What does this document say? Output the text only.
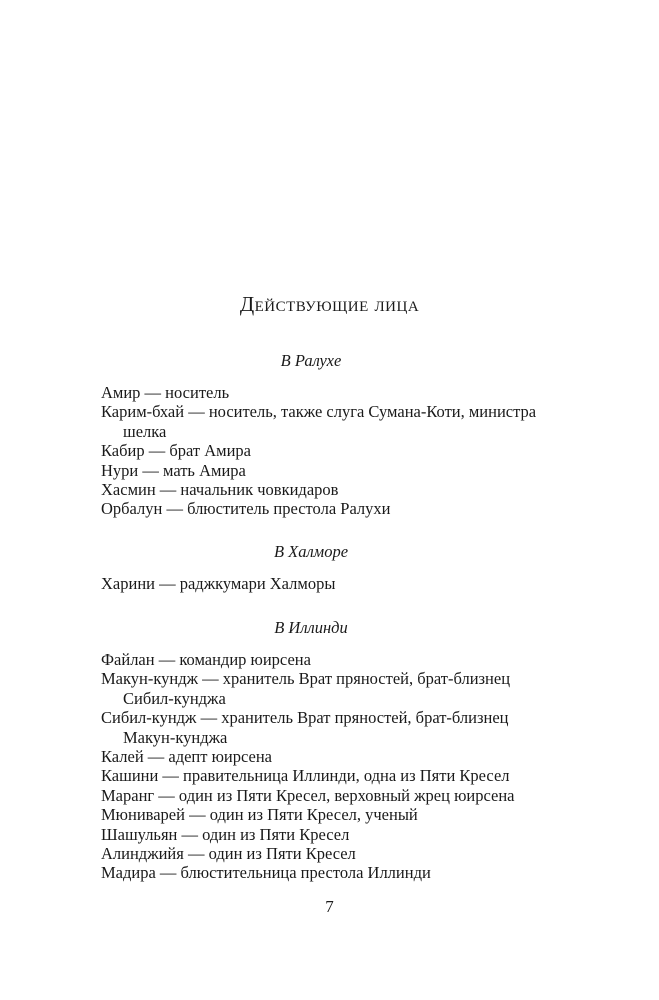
Действующие лица
В Ралухе
Амир — носитель
Карим-бхай — носитель, также слуга Сумана-Коти, министра шелка
Кабир — брат Амира
Нури — мать Амира
Хасмин — начальник човкидаров
Орбалун — блюститель престола Ралухи
В Халморе
Харини — раджкумари Халморы
В Иллинди
Файлан — командир юирсена
Макун-кундж — хранитель Врат пряностей, брат-близнец Сибил-кунджа
Сибил-кундж — хранитель Врат пряностей, брат-близнец Макун-кунджа
Калей — адепт юирсена
Кашини — правительница Иллинди, одна из Пяти Кресел
Маранг — один из Пяти Кресел, верховный жрец юирсена
Мюниварей — один из Пяти Кресел, ученый
Шашульян — один из Пяти Кресел
Алинджийя — один из Пяти Кресел
Мадира — блюстительница престола Иллинди
7
